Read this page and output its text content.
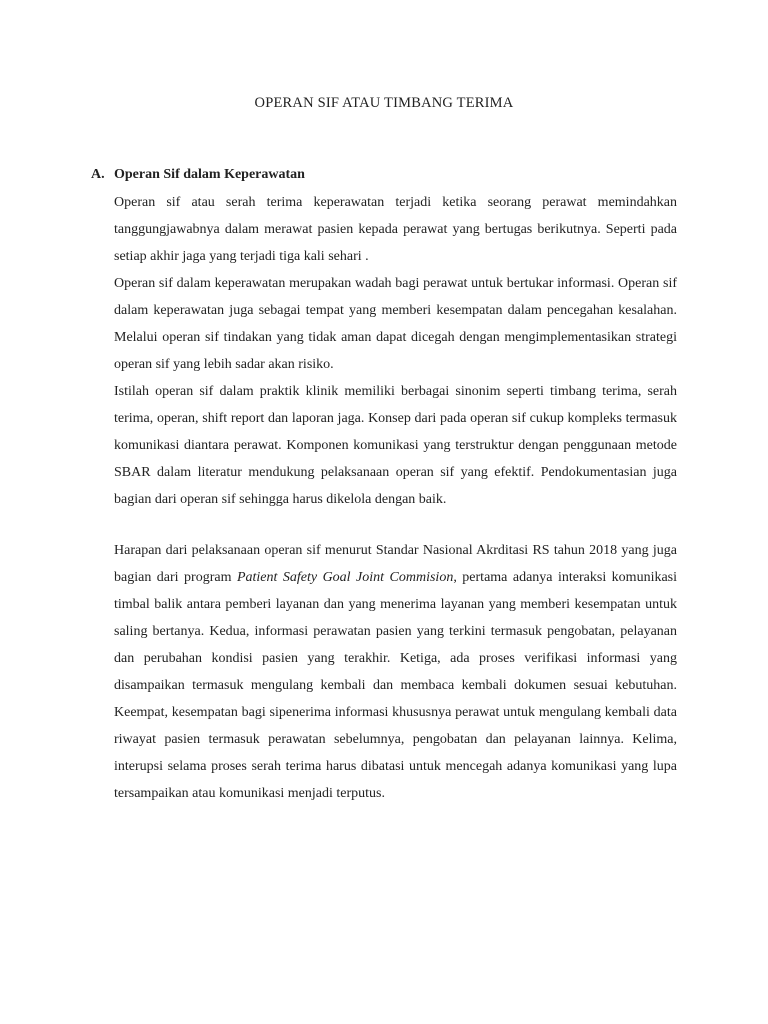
OPERAN SIF ATAU TIMBANG TERIMA
A. Operan Sif dalam Keperawatan

Operan sif atau serah terima keperawatan terjadi ketika seorang perawat memindahkan tanggungjawabnya dalam merawat pasien kepada perawat yang bertugas berikutnya. Seperti pada setiap akhir jaga yang terjadi tiga kali sehari .

Operan sif dalam keperawatan merupakan wadah bagi perawat untuk bertukar informasi. Operan sif dalam keperawatan juga sebagai tempat yang memberi kesempatan dalam pencegahan kesalahan. Melalui operan sif tindakan yang tidak aman dapat dicegah dengan mengimplementasikan strategi operan sif yang lebih sadar akan risiko.

Istilah operan sif dalam praktik klinik memiliki berbagai sinonim seperti timbang terima, serah terima, operan, shift report dan laporan jaga. Konsep dari pada operan sif cukup kompleks termasuk komunikasi diantara perawat. Komponen komunikasi yang terstruktur dengan penggunaan metode SBAR dalam literatur mendukung pelaksanaan operan sif yang efektif. Pendokumentasian juga bagian dari operan sif sehingga harus dikelola dengan baik.

Harapan dari pelaksanaan operan sif menurut Standar Nasional Akrditasi RS tahun 2018 yang juga bagian dari program Patient Safety Goal Joint Commision, pertama adanya interaksi komunikasi timbal balik antara pemberi layanan dan yang menerima layanan yang memberi kesempatan untuk saling bertanya. Kedua, informasi perawatan pasien yang terkini termasuk pengobatan, pelayanan dan perubahan kondisi pasien yang terakhir. Ketiga, ada proses verifikasi informasi yang disampaikan termasuk mengulang kembali dan membaca kembali dokumen sesuai kebutuhan. Keempat, kesempatan bagi sipenerima informasi khususnya perawat untuk mengulang kembali data riwayat pasien termasuk perawatan sebelumnya, pengobatan dan pelayanan lainnya. Kelima, interupsi selama proses serah terima harus dibatasi untuk mencegah adanya komunikasi yang lupa tersampaikan atau komunikasi menjadi terputus.
